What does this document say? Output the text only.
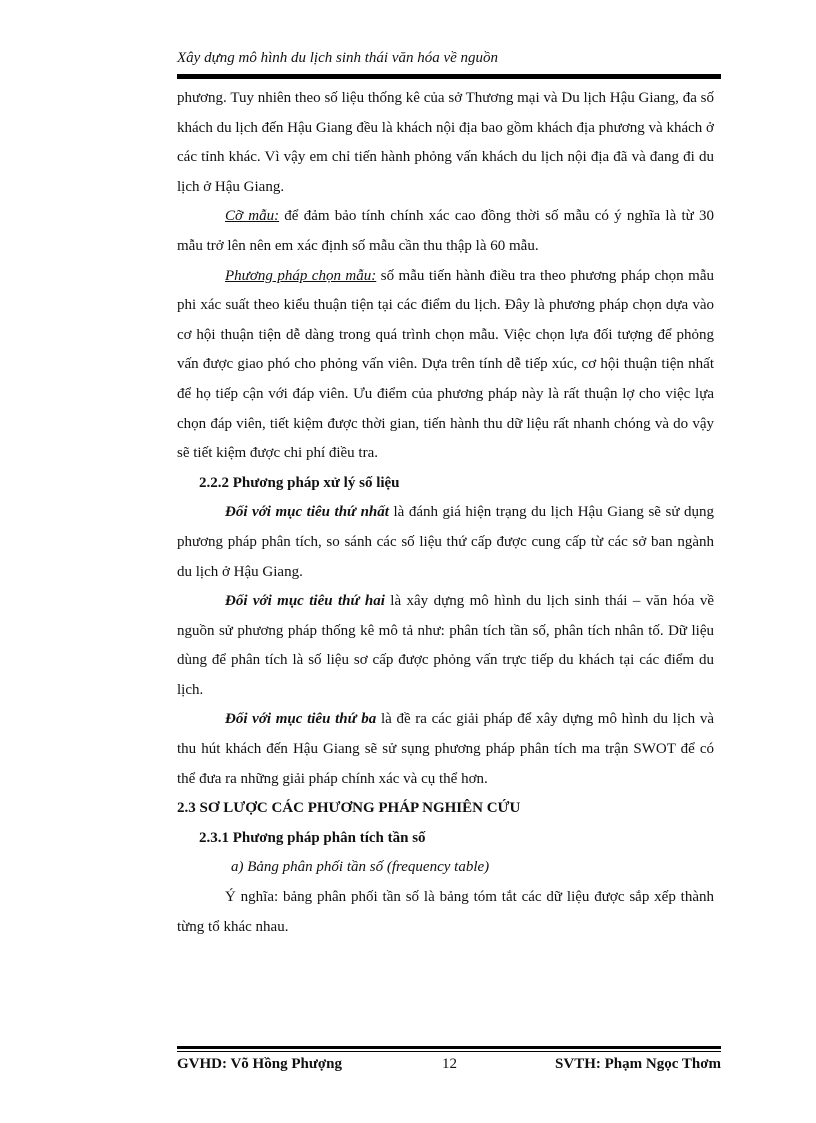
Xây dựng mô hình du lịch sinh thái văn hóa về nguồn

phương. Tuy nhiên theo số liệu thống kê của sở Thương mại và Du lịch Hậu Giang, đa số khách du lịch đến Hậu Giang đều là khách nội địa bao gồm khách địa phương và khách ở các tỉnh khác. Vì vậy em chỉ tiến hành phỏng vấn khách du lịch nội địa đã và đang đi du lịch ở Hậu Giang.

Cỡ mẫu: để đảm bảo tính chính xác cao đồng thời số mẫu có ý nghĩa là từ 30 mẫu trở lên nên em xác định số mẫu cần thu thập là 60 mẫu.

Phương pháp chọn mẫu: số mẫu tiến hành điều tra theo phương pháp chọn mẫu phi xác suất theo kiểu thuận tiện tại các điểm du lịch. Đây là phương pháp chọn dựa vào cơ hội thuận tiện dễ dàng trong quá trình chọn mẫu. Việc chọn lựa đối tượng để phỏng vấn được giao phó cho phỏng vấn viên. Dựa trên tính dễ tiếp xúc, cơ hội thuận tiện nhất để họ tiếp cận với đáp viên. Ưu điểm của phương pháp này là rất thuận lợ cho việc lựa chọn đáp viên, tiết kiệm được thời gian, tiến hành thu dữ liệu rất nhanh chóng và do vậy sẽ tiết kiệm được chi phí điều tra.

2.2.2 Phương pháp xử lý số liệu

Đối với mục tiêu thứ nhất là đánh giá hiện trạng du lịch Hậu Giang sẽ sử dụng phương pháp phân tích, so sánh các số liệu thứ cấp được cung cấp từ các sở ban ngành du lịch ở Hậu Giang.

Đối với mục tiêu thứ hai là xây dựng mô hình du lịch sinh thái – văn hóa về nguồn sử phương pháp thống kê mô tả như: phân tích tần số, phân tích nhân tố. Dữ liệu dùng để phân tích là số liệu sơ cấp được phỏng vấn trực tiếp du khách tại các điểm du lịch.

Đối với mục tiêu thứ ba là đề ra các giải pháp để xây dựng mô hình du lịch và thu hút khách đến Hậu Giang sẽ sử sụng phương pháp phân tích ma trận SWOT để có thể đưa ra những giải pháp chính xác và cụ thể hơn.

2.3 SƠ LƯỢC CÁC PHƯƠNG PHÁP NGHIÊN CỨU

2.3.1 Phương pháp phân tích tần số

a) Bảng phân phối tần số (frequency table)

Ý nghĩa: bảng phân phối tần số là bảng tóm tắt các dữ liệu được sắp xếp thành từng tổ khác nhau.

GVHD: Võ Hồng Phượng	12	SVTH: Phạm Ngọc Thơm
